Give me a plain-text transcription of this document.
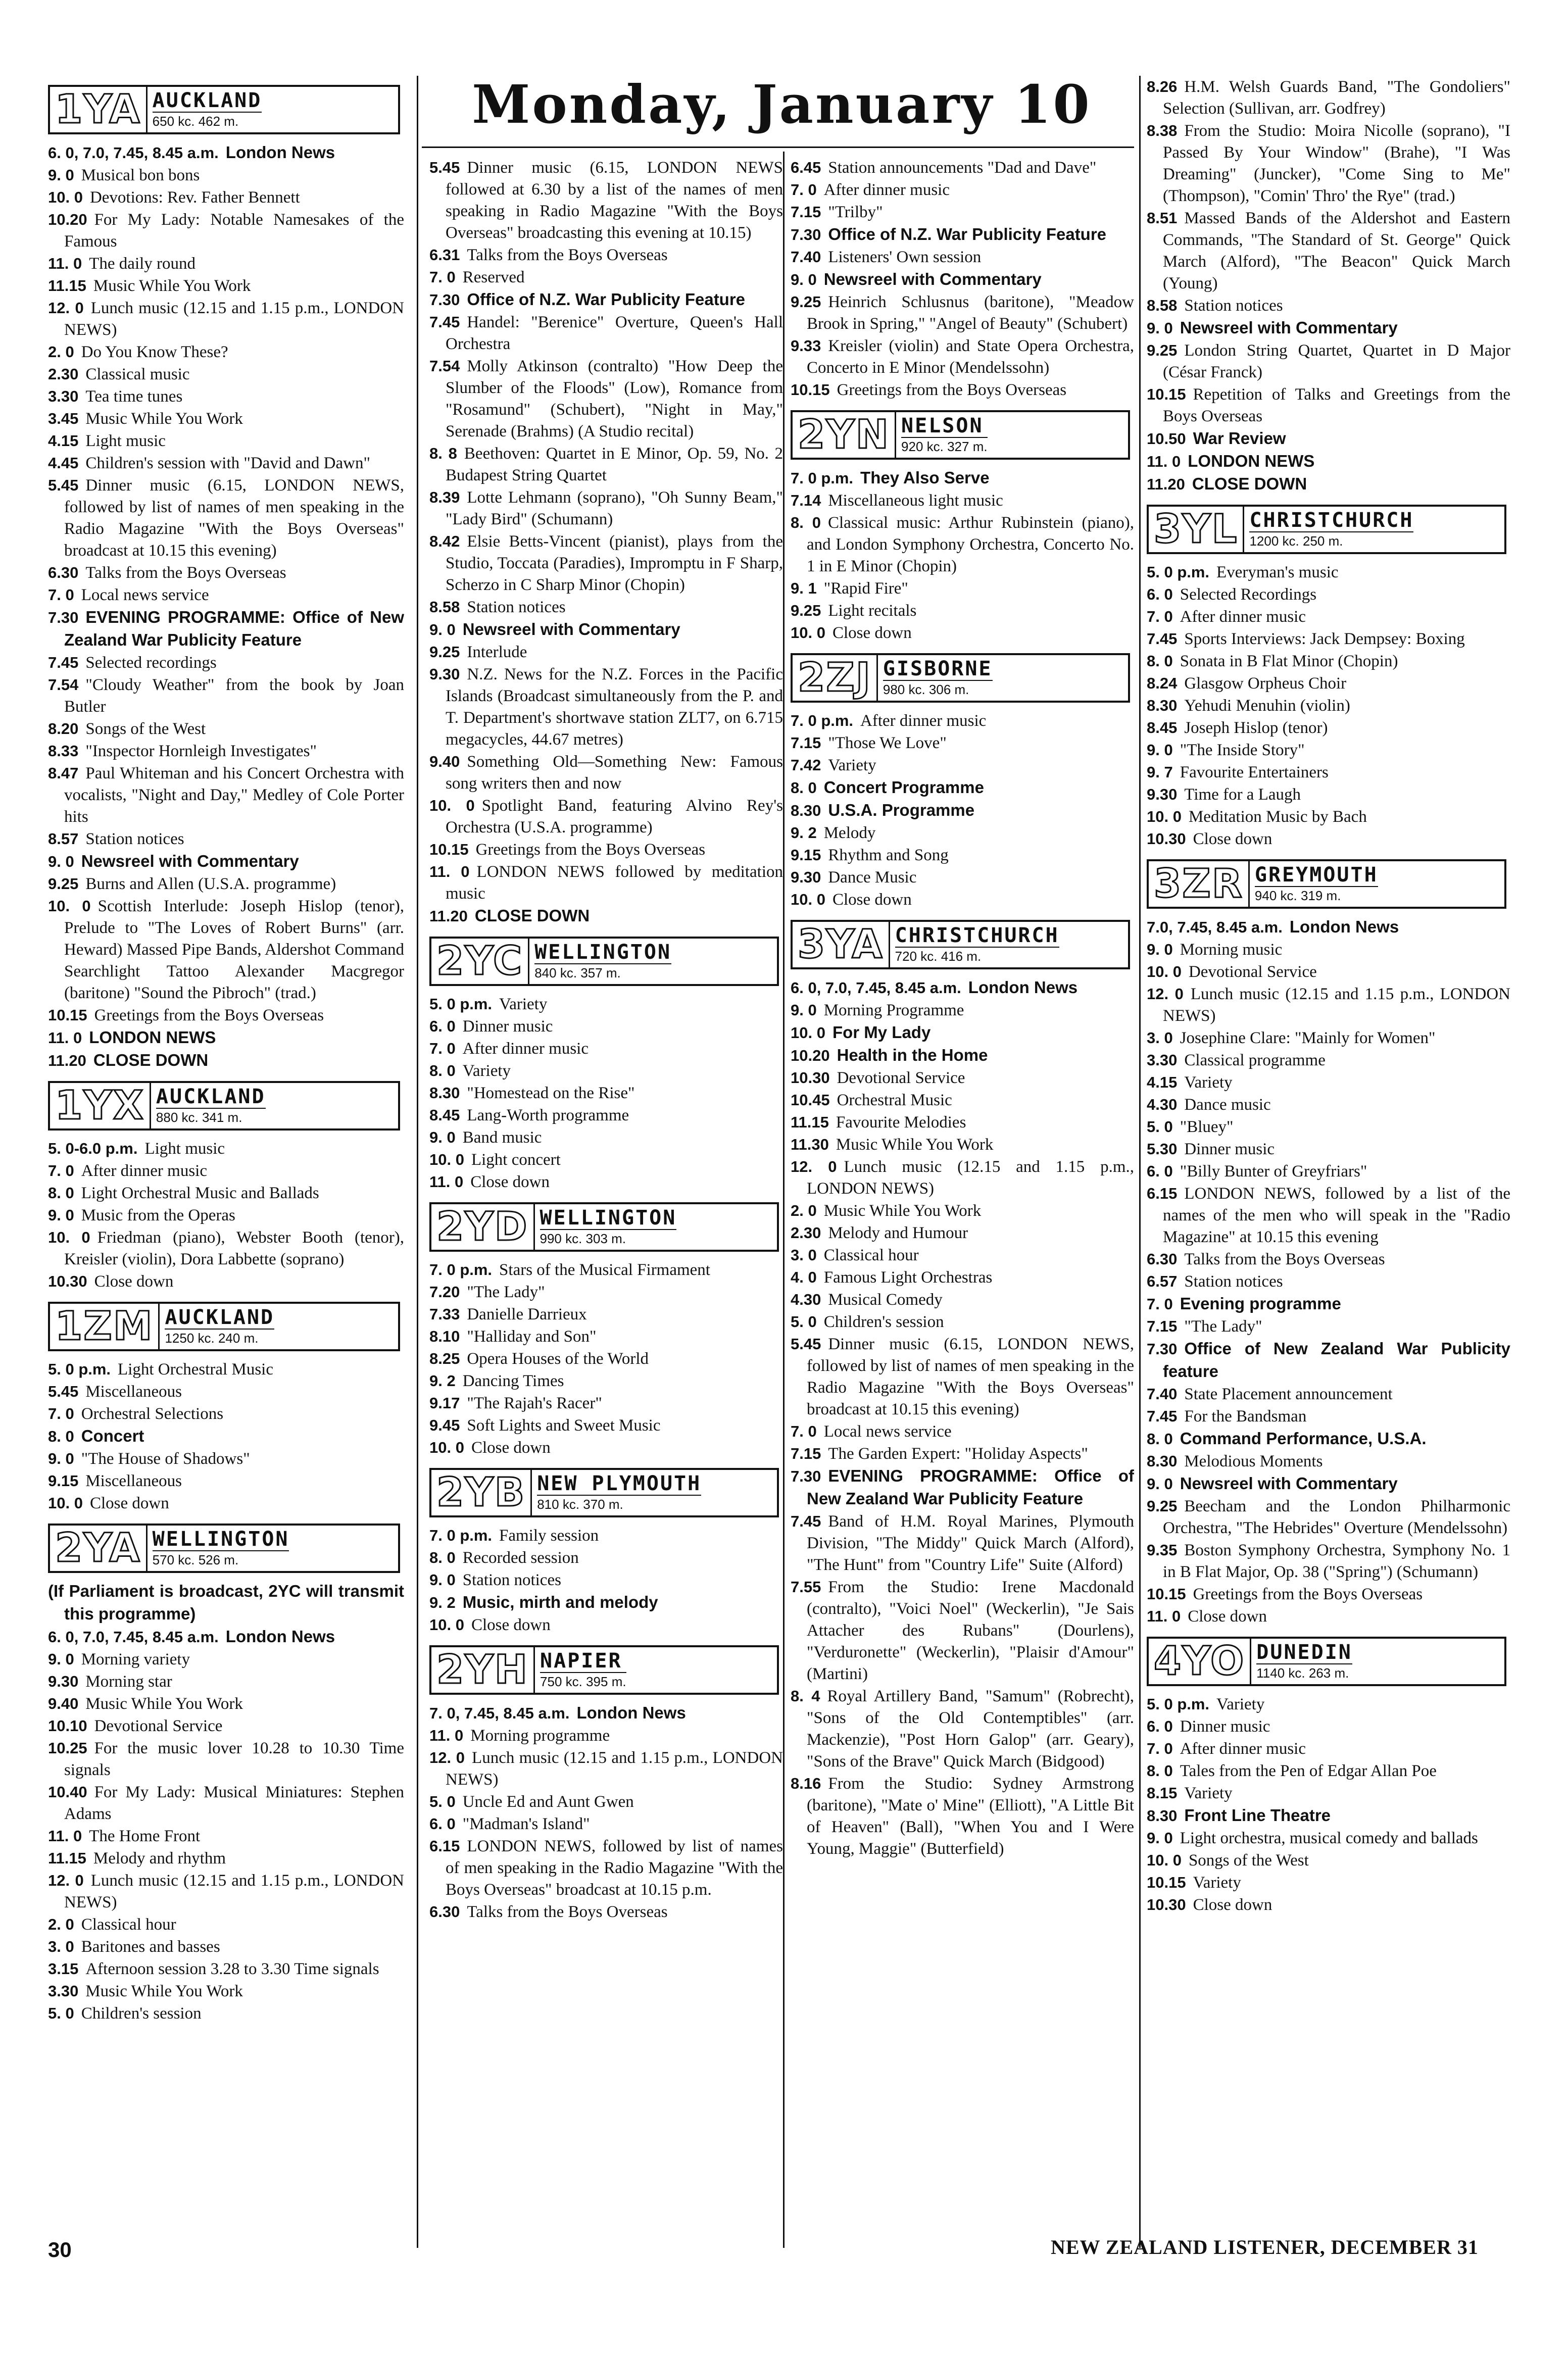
Monday, January 10
1YA AUCKLAND
650 kc. 462 m.

6. 0, 7.0, 7.45, 8.45 a.m. London News

9. 0 Musical bon bons

10. 0 Devotions: Rev. Father Bennett

10.20 For My Lady: Notable Namesakes of the Famous

11. 0 The daily round

11.15 Music While You Work

12. 0 Lunch music (12.15 and 1.15 p.m., LONDON NEWS)

2. 0 Do You Know These?

2.30 Classical music

3.30 Tea time tunes

3.45 Music While You Work

4.15 Light music

4.45 Children's session with "David and Dawn"

5.45 Dinner music (6.15, LONDON NEWS, followed by list of names of men speaking in the Radio Magazine "With the Boys Overseas" broadcast at 10.15 this evening)

6.30 Talks from the Boys Overseas

7. 0 Local news service

7.30 EVENING PROGRAMME: Office of New Zealand War Publicity Feature

7.45 Selected recordings

7.54 "Cloudy Weather" from the book by Joan Butler

8.20 Songs of the West

8.33 "Inspector Hornleigh Investigates"

8.47 Paul Whiteman and his Concert Orchestra with vocalists, "Night and Day," Medley of Cole Porter hits

8.57 Station notices

9. 0 Newsreel with Commentary

9.25 Burns and Allen (U.S.A. programme)

10. 0 Scottish Interlude: Joseph Hislop (tenor), Prelude to "The Loves of Robert Burns" (arr. Heward) Massed Pipe Bands, Aldershot Command Searchlight Tattoo Alexander Macgregor (baritone) "Sound the Pibroch" (trad.)

10.15 Greetings from the Boys Overseas

11. 0 LONDON NEWS

11.20 CLOSE DOWN

1YX AUCKLAND
880 kc. 341 m.

5. 0-6.0 p.m. Light music

7. 0 After dinner music

8. 0 Light Orchestral Music and Ballads

9. 0 Music from the Operas

10. 0 Friedman (piano), Webster Booth (tenor), Kreisler (violin), Dora Labbette (soprano)

10.30 Close down

1ZM AUCKLAND
1250 kc. 240 m.

5. 0 p.m. Light Orchestral Music

5.45 Miscellaneous

7. 0 Orchestral Selections

8. 0 Concert

9. 0 "The House of Shadows"

9.15 Miscellaneous

10. 0 Close down

2YA WELLINGTON
570 kc. 526 m.

(If Parliament is broadcast, 2YC will transmit this programme)

6. 0, 7.0, 7.45, 8.45 a.m. London News

9. 0 Morning variety

9.30 Morning star

9.40 Music While You Work

10.10 Devotional Service

10.25 For the music lover 10.28 to 10.30 Time signals

10.40 For My Lady: Musical Miniatures: Stephen Adams

11. 0 The Home Front

11.15 Melody and rhythm

12. 0 Lunch music (12.15 and 1.15 p.m., LONDON NEWS)

2. 0 Classical hour

3. 0 Baritones and basses

3.15 Afternoon session 3.28 to 3.30 Time signals

3.30 Music While You Work

5. 0 Children's session

5.45 Dinner music (6.15, LONDON NEWS followed at 6.30 by a list of the names of men speaking in Radio Magazine "With the Boys Overseas" broadcasting this evening at 10.15)

6.31 Talks from the Boys Overseas

7. 0 Reserved

7.30 Office of N.Z. War Publicity Feature

7.45 Handel: "Berenice" Overture, Queen's Hall Orchestra

7.54 Molly Atkinson (contralto) "How Deep the Slumber of the Floods" (Low), Romance from "Rosamund" (Schubert), "Night in May," Serenade (Brahms) (A Studio recital)

8. 8 Beethoven: Quartet in E Minor, Op. 59, No. 2 Budapest String Quartet

8.39 Lotte Lehmann (soprano), "Oh Sunny Beam," "Lady Bird" (Schumann)

8.42 Elsie Betts-Vincent (pianist), plays from the Studio, Toccata (Paradies), Impromptu in F Sharp, Scherzo in C Sharp Minor (Chopin)

8.58 Station notices

9. 0 Newsreel with Commentary

9.25 Interlude

9.30 N.Z. News for the N.Z. Forces in the Pacific Islands (Broadcast simultaneously from the P. and T. Department's shortwave station ZLT7, on 6.715 megacycles, 44.67 metres)

9.40 Something Old—Something New: Famous song writers then and now

10. 0 Spotlight Band, featuring Alvino Rey's Orchestra (U.S.A. programme)

10.15 Greetings from the Boys Overseas

11. 0 LONDON NEWS followed by meditation music

11.20 CLOSE DOWN

2YC WELLINGTON
840 kc. 357 m.

5. 0 p.m. Variety

6. 0 Dinner music

7. 0 After dinner music

8. 0 Variety

8.30 "Homestead on the Rise"

8.45 Lang-Worth programme

9. 0 Band music

10. 0 Light concert

11. 0 Close down

2YD WELLINGTON
990 kc. 303 m.

7. 0 p.m. Stars of the Musical Firmament

7.20 "The Lady"

7.33 Danielle Darrieux

8.10 "Halliday and Son"

8.25 Opera Houses of the World

9. 2 Dancing Times

9.17 "The Rajah's Racer"

9.45 Soft Lights and Sweet Music

10. 0 Close down

2YB NEW PLYMOUTH
810 kc. 370 m.

7. 0 p.m. Family session

8. 0 Recorded session

9. 0 Station notices

9. 2 Music, mirth and melody

10. 0 Close down

2YH NAPIER
750 kc. 395 m.

7. 0, 7.45, 8.45 a.m. London News

11. 0 Morning programme

12. 0 Lunch music (12.15 and 1.15 p.m., LONDON NEWS)

5. 0 Uncle Ed and Aunt Gwen

6. 0 "Madman's Island"

6.15 LONDON NEWS, followed by list of names of men speaking in the Radio Magazine "With the Boys Overseas" broadcast at 10.15 p.m.

6.30 Talks from the Boys Overseas

6.45 Station announcements "Dad and Dave"

7. 0 After dinner music

7.15 "Trilby"

7.30 Office of N.Z. War Publicity Feature

7.40 Listeners' Own session

9. 0 Newsreel with Commentary

9.25 Heinrich Schlusnus (baritone), "Meadow Brook in Spring," "Angel of Beauty" (Schubert)

9.33 Kreisler (violin) and State Opera Orchestra, Concerto in E Minor (Mendelssohn)

10.15 Greetings from the Boys Overseas

2YN NELSON
920 kc. 327 m.

7. 0 p.m. They Also Serve

7.14 Miscellaneous light music

8. 0 Classical music: Arthur Rubinstein (piano), and London Symphony Orchestra, Concerto No. 1 in E Minor (Chopin)

9. 1 "Rapid Fire"

9.25 Light recitals

10. 0 Close down

2ZJ GISBORNE
980 kc. 306 m.

7. 0 p.m. After dinner music

7.15 "Those We Love"

7.42 Variety

8. 0 Concert Programme

8.30 U.S.A. Programme

9. 2 Melody

9.15 Rhythm and Song

9.30 Dance Music

10. 0 Close down

3YA CHRISTCHURCH
720 kc. 416 m.

6. 0, 7.0, 7.45, 8.45 a.m. London News

9. 0 Morning Programme

10. 0 For My Lady

10.20 Health in the Home

10.30 Devotional Service

10.45 Orchestral Music

11.15 Favourite Melodies

11.30 Music While You Work

12. 0 Lunch music (12.15 and 1.15 p.m., LONDON NEWS)

2. 0 Music While You Work

2.30 Melody and Humour

3. 0 Classical hour

4. 0 Famous Light Orchestras

4.30 Musical Comedy

5. 0 Children's session

5.45 Dinner music (6.15, LONDON NEWS, followed by list of names of men speaking in the Radio Magazine "With the Boys Overseas" broadcast at 10.15 this evening)

7. 0 Local news service

7.15 The Garden Expert: "Holiday Aspects"

7.30 EVENING PROGRAMME: Office of New Zealand War Publicity Feature

7.45 Band of H.M. Royal Marines, Plymouth Division, "The Middy" Quick March (Alford), "The Hunt" from "Country Life" Suite (Alford)

7.55 From the Studio: Irene Macdonald (contralto), "Voici Noel" (Weckerlin), "Je Sais Attacher des Rubans" (Dourlens), "Verduronette" (Weckerlin), "Plaisir d'Amour" (Martini)

8. 4 Royal Artillery Band, "Samum" (Robrecht), "Sons of the Old Contemptibles" (arr. Mackenzie), "Post Horn Galop" (arr. Geary), "Sons of the Brave" Quick March (Bidgood)

8.16 From the Studio: Sydney Armstrong (baritone), "Mate o' Mine" (Elliott), "A Little Bit of Heaven" (Ball), "When You and I Were Young, Maggie" (Butterfield)

8.26 H.M. Welsh Guards Band, "The Gondoliers" Selection (Sullivan, arr. Godfrey)

8.38 From the Studio: Moira Nicolle (soprano), "I Passed By Your Window" (Brahe), "I Was Dreaming" (Juncker), "Come Sing to Me" (Thompson), "Comin' Thro' the Rye" (trad.)

8.51 Massed Bands of the Aldershot and Eastern Commands, "The Standard of St. George" Quick March (Alford), "The Beacon" Quick March (Young)

8.58 Station notices

9. 0 Newsreel with Commentary

9.25 London String Quartet, Quartet in D Major (César Franck)

10.15 Repetition of Talks and Greetings from the Boys Overseas

10.50 War Review

11. 0 LONDON NEWS

11.20 CLOSE DOWN

3YL CHRISTCHURCH
1200 kc. 250 m.

5. 0 p.m. Everyman's music

6. 0 Selected Recordings

7. 0 After dinner music

7.45 Sports Interviews: Jack Dempsey: Boxing

8. 0 Sonata in B Flat Minor (Chopin)

8.24 Glasgow Orpheus Choir

8.30 Yehudi Menuhin (violin)

8.45 Joseph Hislop (tenor)

9. 0 "The Inside Story"

9. 7 Favourite Entertainers

9.30 Time for a Laugh

10. 0 Meditation Music by Bach

10.30 Close down

3ZR GREYMOUTH
940 kc. 319 m.

7.0, 7.45, 8.45 a.m. London News

9. 0 Morning music

10. 0 Devotional Service

12. 0 Lunch music (12.15 and 1.15 p.m., LONDON NEWS)

3. 0 Josephine Clare: "Mainly for Women"

3.30 Classical programme

4.15 Variety

4.30 Dance music

5. 0 "Bluey"

5.30 Dinner music

6. 0 "Billy Bunter of Greyfriars"

6.15 LONDON NEWS, followed by a list of the names of the men who will speak in the "Radio Magazine" at 10.15 this evening

6.30 Talks from the Boys Overseas

6.57 Station notices

7. 0 Evening programme

7.15 "The Lady"

7.30 Office of New Zealand War Publicity feature

7.40 State Placement announcement

7.45 For the Bandsman

8. 0 Command Performance, U.S.A.

8.30 Melodious Moments

9. 0 Newsreel with Commentary

9.25 Beecham and the London Philharmonic Orchestra, "The Hebrides" Overture (Mendelssohn)

9.35 Boston Symphony Orchestra, Symphony No. 1 in B Flat Major, Op. 38 ("Spring") (Schumann)

10.15 Greetings from the Boys Overseas

11. 0 Close down

4YO DUNEDIN
1140 kc. 263 m.

5. 0 p.m. Variety

6. 0 Dinner music

7. 0 After dinner music

8. 0 Tales from the Pen of Edgar Allan Poe

8.15 Variety

8.30 Front Line Theatre

9. 0 Light orchestra, musical comedy and ballads

10. 0 Songs of the West

10.15 Variety

10.30 Close down

30	NEW ZEALAND LISTENER, DECEMBER 31
